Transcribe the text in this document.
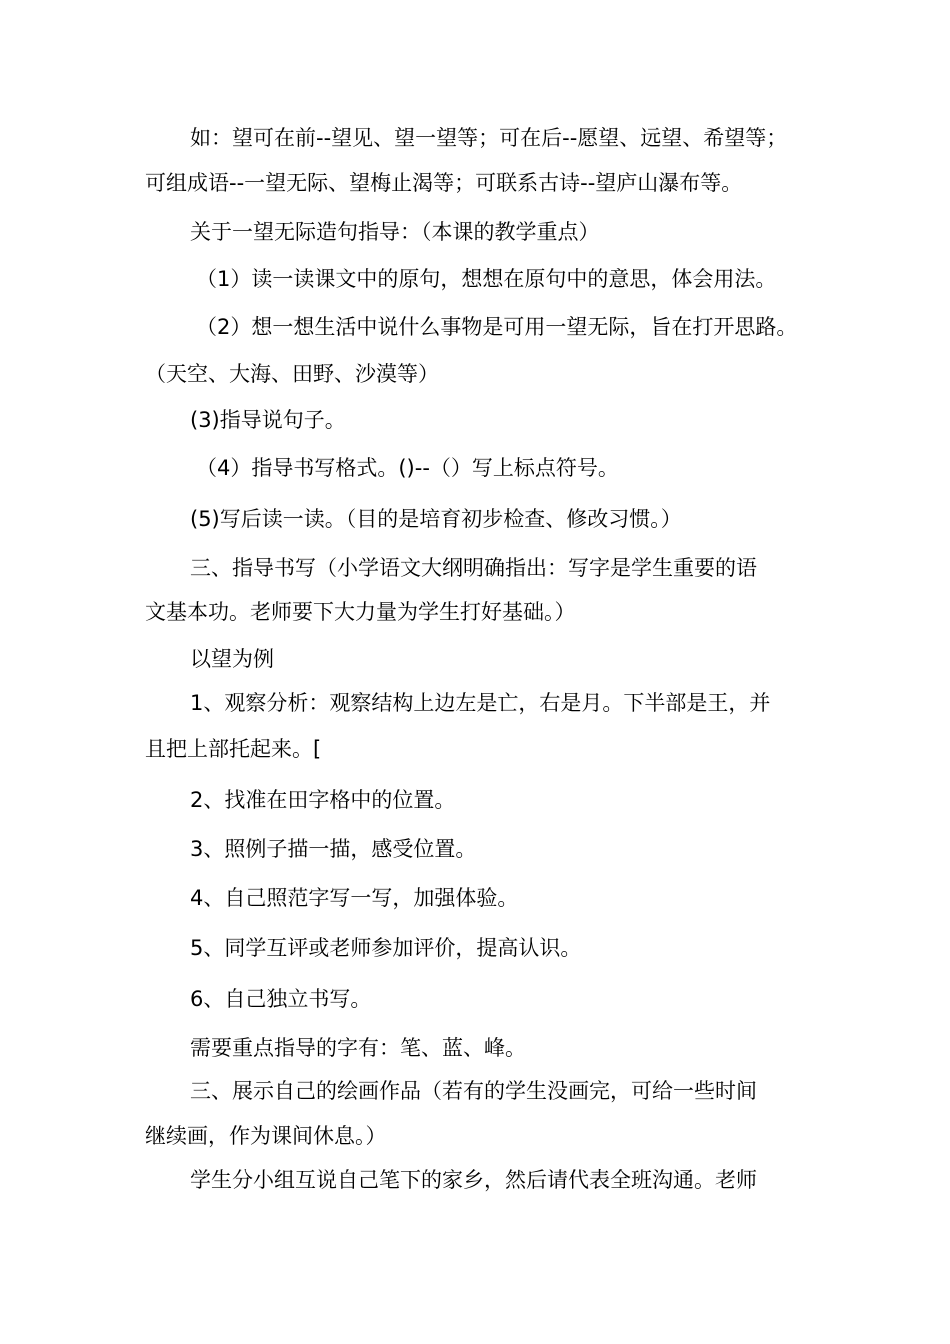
如：望可在前--望见、望一望等；可在后--愿望、远望、希望等；
可组成语--一望无际、望梅止渴等；可联系古诗--望庐山瀑布等。
关于一望无际造句指导：（本课的教学重点）
（1）读一读课文中的原句，想想在原句中的意思，体会用法。
（2）想一想生活中说什么事物是可用一望无际，旨在打开思路。
（天空、大海、田野、沙漠等）
(3)指导说句子。
（4）指导书写格式。()--（）写上标点符号。
(5)写后读一读。（目的是培育初步检查、修改习惯。）
三、指导书写（小学语文大纲明确指出：写字是学生重要的语
文基本功。老师要下大力量为学生打好基础。）
以望为例
1、观察分析：观察结构上边左是亡，右是月。下半部是王，并
且把上部托起来。[
2、找准在田字格中的位置。
3、照例子描一描，感受位置。
4、自己照范字写一写，加强体验。
5、同学互评或老师参加评价，提高认识。
6、自己独立书写。
需要重点指导的字有：笔、蓝、峰。
三、展示自己的绘画作品（若有的学生没画完，可给一些时间
继续画，作为课间休息。）
学生分小组互说自己笔下的家乡，然后请代表全班沟通。老师
